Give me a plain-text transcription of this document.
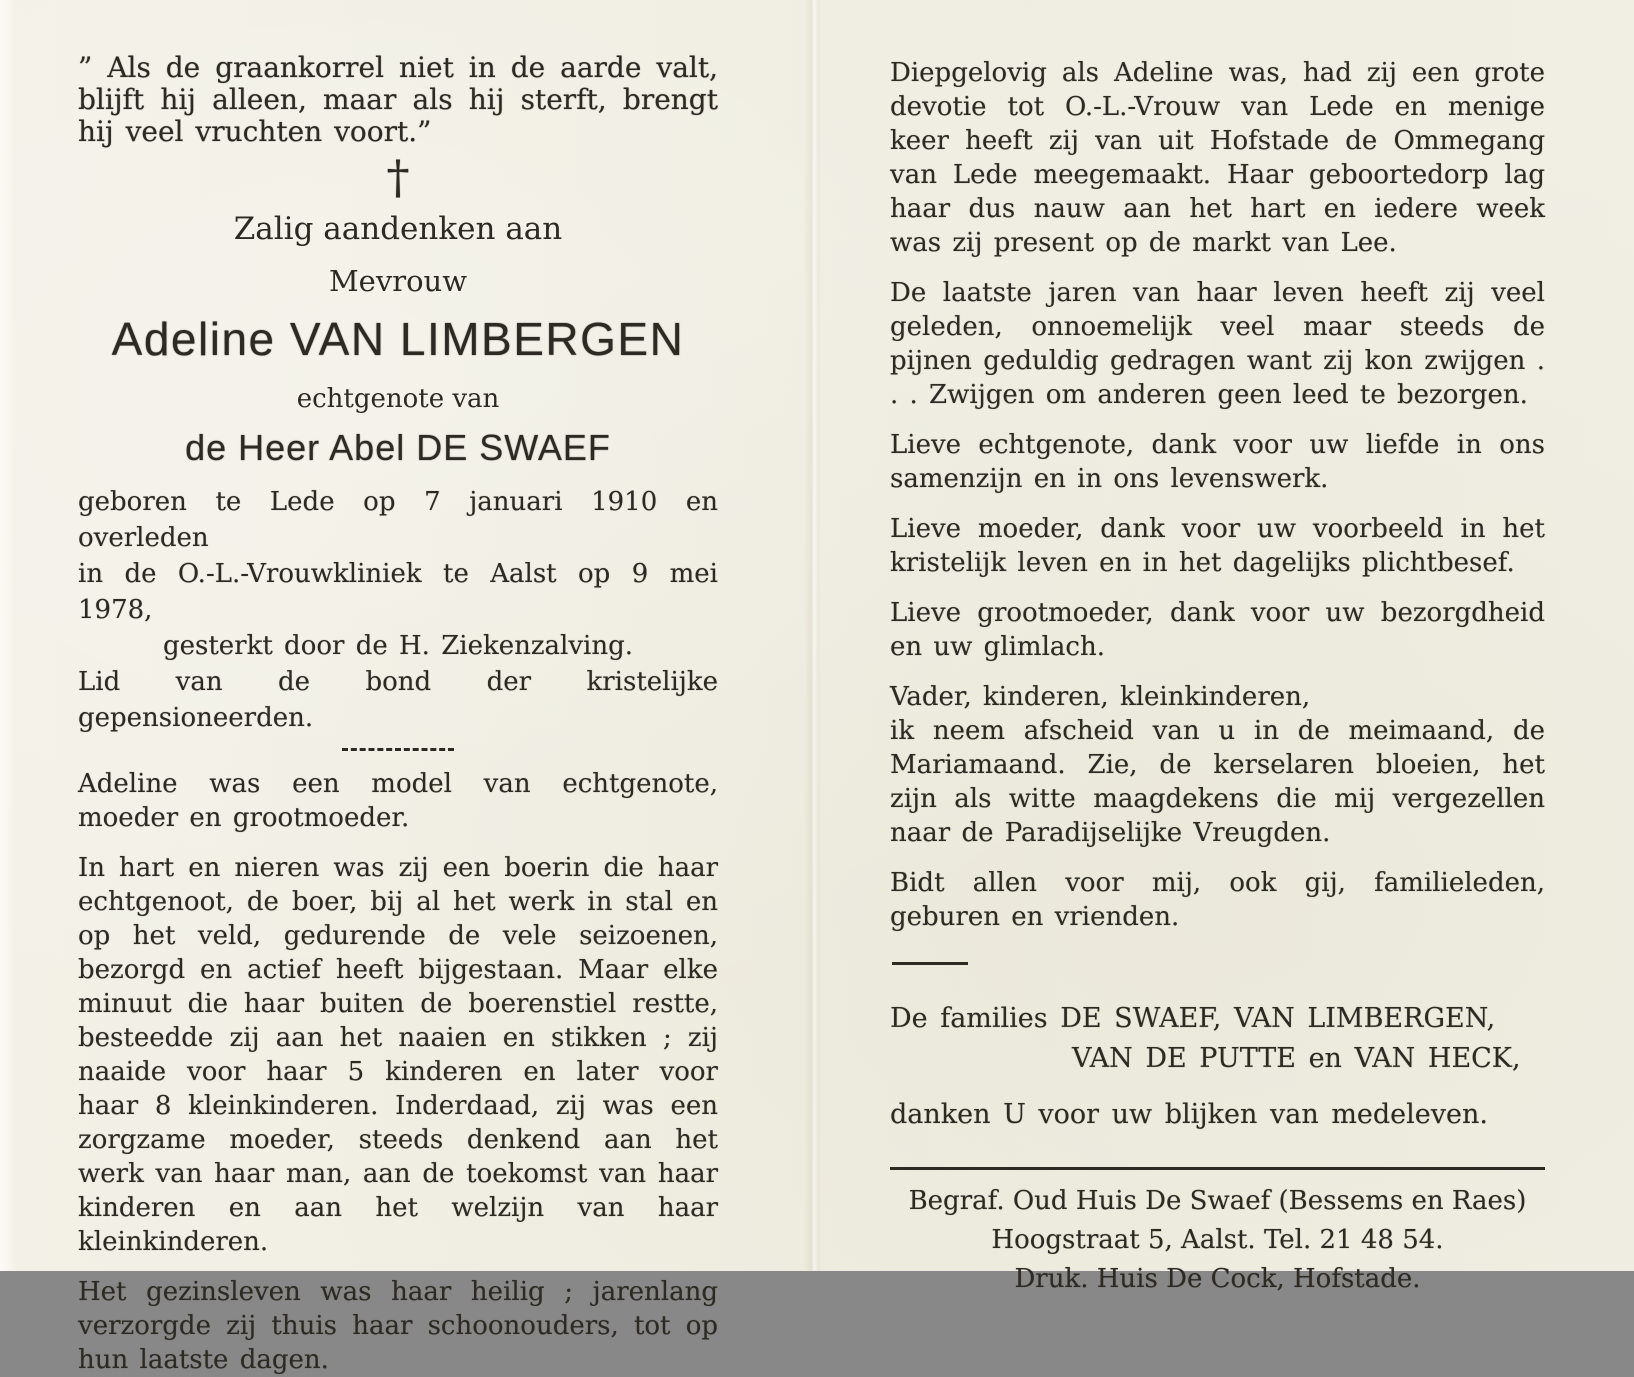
” Als de graankorrel niet in de aarde valt, blijft hij alleen, maar als hij sterft, brengt hij veel vruchten voort.”

†
Zalig aandenken aan
Mevrouw
Adeline VAN LIMBERGEN
echtgenote van
de Heer Abel DE SWAEF
geboren te Lede op 7 januari 1910 en overleden
in de O.-L.-Vrouwkliniek te Aalst op 9 mei 1978,
gesterkt door de H. Ziekenzalving.
Lid van de bond der kristelijke gepensioneerden.

Adeline was een model van echtgenote, moeder en grootmoeder.

In hart en nieren was zij een boerin die haar echtgenoot, de boer, bij al het werk in stal en op het veld, gedurende de vele seizoenen, bezorgd en actief heeft bijgestaan. Maar elke minuut die haar buiten de boerenstiel restte, besteedde zij aan het naaien en stikken ; zij naaide voor haar 5 kinderen en later voor haar 8 kleinkinderen. Inderdaad, zij was een zorgzame moeder, steeds denkend aan het werk van haar man, aan de toekomst van haar kinderen en aan het welzijn van haar kleinkinderen.

Het gezinsleven was haar heilig ; jarenlang verzorgde zij thuis haar schoonouders, tot op hun laatste dagen.

Diepgelovig als Adeline was, had zij een grote devotie tot O.-L.-Vrouw van Lede en menige keer heeft zij van uit Hofstade de Ommegang van Lede meegemaakt. Haar geboortedorp lag haar dus nauw aan het hart en iedere week was zij present op de markt van Lee.

De laatste jaren van haar leven heeft zij veel geleden, onnoemelijk veel maar steeds de pijnen geduldig gedragen want zij kon zwijgen . . . Zwijgen om anderen geen leed te bezorgen.

Lieve echtgenote, dank voor uw liefde in ons samenzijn en in ons levenswerk.

Lieve moeder, dank voor uw voorbeeld in het kristelijk leven en in het dagelijks plichtbesef.

Lieve grootmoeder, dank voor uw bezorgdheid en uw glimlach.

Vader, kinderen, kleinkinderen,

ik neem afscheid van u in de meimaand, de Mariamaand. Zie, de kerselaren bloeien, het zijn als witte maagdekens die mij vergezellen naar de Paradijselijke Vreugden.

Bidt allen voor mij, ook gij, familieleden, geburen en vrienden.

De families DE SWAEF, VAN LIMBERGEN,
VAN DE PUTTE en VAN HECK,
danken U voor uw blijken van medeleven.
Begraf. Oud Huis De Swaef (Bessems en Raes)
Hoogstraat 5, Aalst. Tel. 21 48 54.
Druk. Huis De Cock, Hofstade.
